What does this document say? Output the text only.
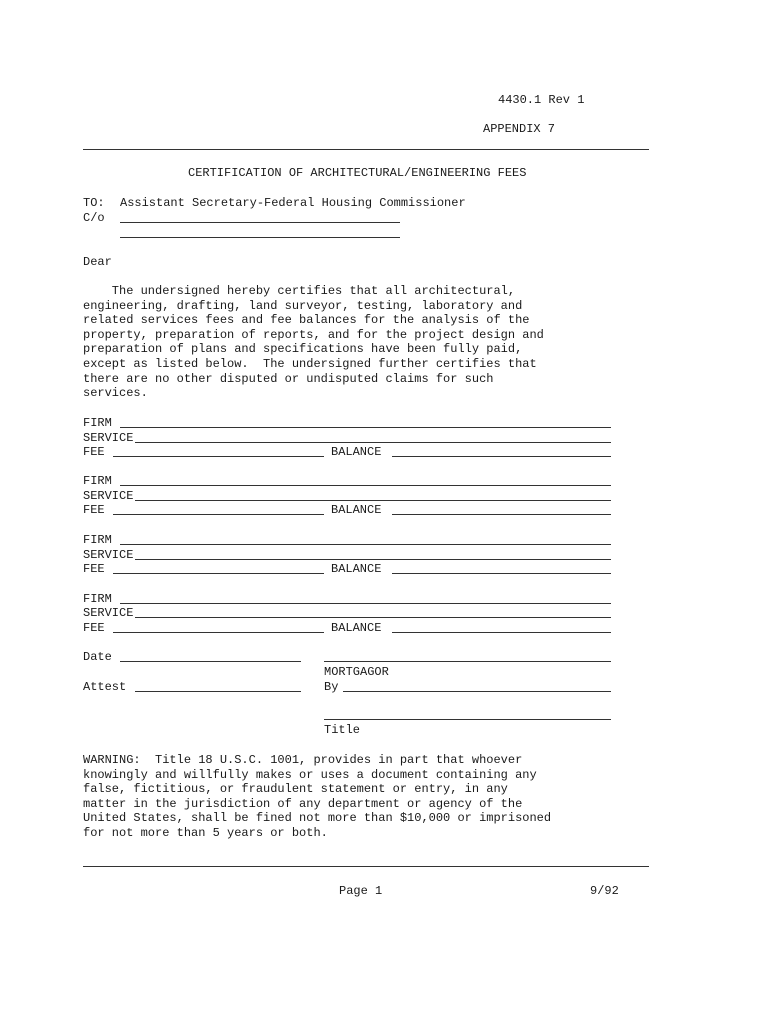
4430.1 Rev 1
APPENDIX 7
CERTIFICATION OF ARCHITECTURAL/ENGINEERING FEES
TO: Assistant Secretary-Federal Housing Commissioner
C/o
Dear
The undersigned hereby certifies that all architectural,
engineering, drafting, land surveyor, testing, laboratory and
related services fees and fee balances for the analysis of the
property, preparation of reports, and for the project design and
preparation of plans and specifications have been fully paid,
except as listed below.  The undersigned further certifies that
there are no other disputed or undisputed claims for such
services.
FIRM
SERVICE
FEE	BALANCE
FIRM
SERVICE
FEE	BALANCE
FIRM
SERVICE
FEE	BALANCE
FIRM
SERVICE
FEE	BALANCE
Date
MORTGAGOR
Attest	By
Title
WARNING:  Title 18 U.S.C. 1001, provides in part that whoever
knowingly and willfully makes or uses a document containing any
false, fictitious, or fraudulent statement or entry, in any
matter in the jurisdiction of any department or agency of the
United States, shall be fined not more than $10,000 or imprisoned
for not more than 5 years or both.
Page 1	9/92
